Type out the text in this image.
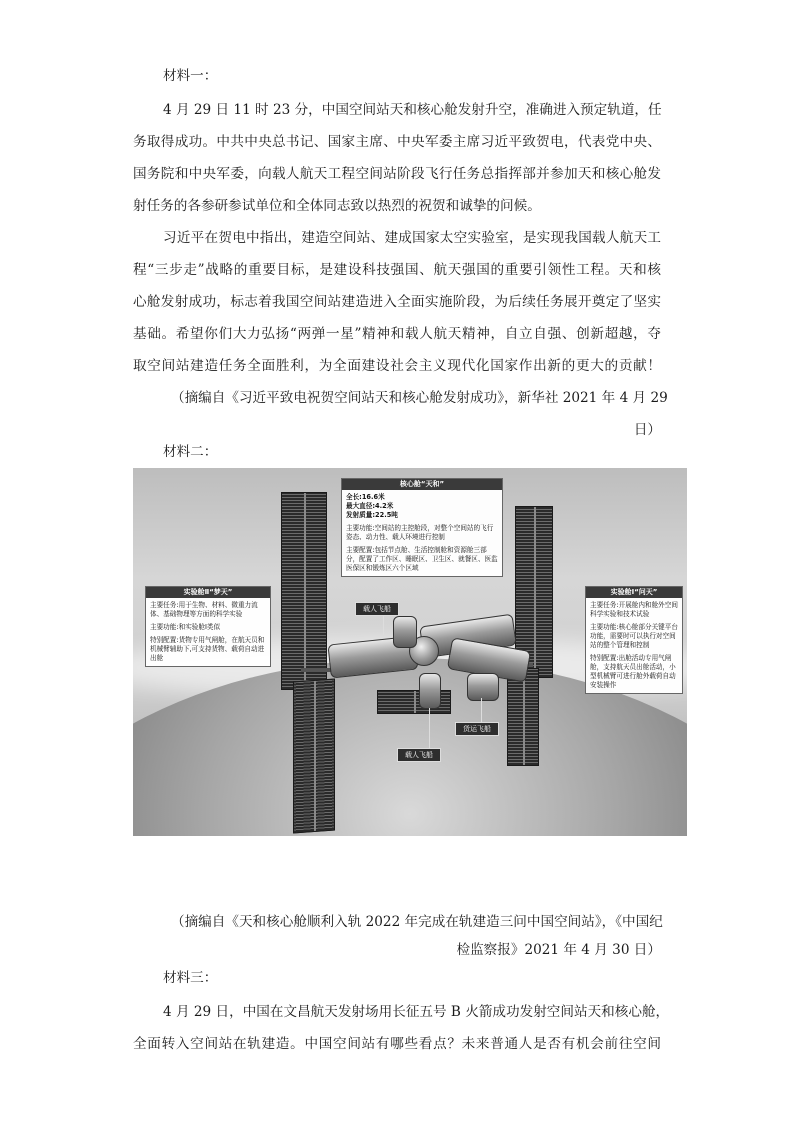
材料一：
4 月 29 日 11 时 23 分，中国空间站天和核心舱发射升空，准确进入预定轨道，任
务取得成功。中共中央总书记、国家主席、中央军委主席习近平致贺电，代表党中央、
国务院和中央军委，向载人航天工程空间站阶段飞行任务总指挥部并参加天和核心舱发
射任务的各参研参试单位和全体同志致以热烈的祝贺和诚挚的问候。
习近平在贺电中指出，建造空间站、建成国家太空实验室，是实现我国载人航天工
程“三步走”战略的重要目标，是建设科技强国、航天强国的重要引领性工程。天和核
心舱发射成功，标志着我国空间站建造进入全面实施阶段，为后续任务展开奠定了坚实
基础。希望你们大力弘扬“两弹一星”精神和载人航天精神，自立自强、创新超越，夺
取空间站建造任务全面胜利，为全面建设社会主义现代化国家作出新的更大的贡献！
（摘编自《习近平致电祝贺空间站天和核心舱发射成功》，新华社 2021 年 4 月 29
日）
材料二：
核心舱“天和”

全长:16.6米

最大直径:4.2米

发射质量:22.5吨

主要功能:空间站的主控舱段，对整个空间站的飞行姿态、动力性、载人环境进行控制

主要配置:包括节点舱、生活控制舱和资源舱三部分，配置了工作区、睡眠区、卫生区、就餐区、医监医保区和锻炼区六个区域

实验舱Ⅱ“梦天”

主要任务:用于生物、材料、微重力流体、基础物理等方面的科学实验

主要功能:和实验舱Ⅰ类似

特别配置:货物专用气闸舱，在航天员和机械臂辅助下,可支持货物、载荷自动进出舱

实验舱Ⅰ“问天”

主要任务:开展舱内和舱外空间科学实验和技术试验

主要功能:核心舱部分关键平台功能，需要时可以执行对空间站的整个管理和控制

特别配置:出舱活动专用气闸舱，支持航天员出舱活动，小型机械臂可进行舱外载荷自动安装操作

载人飞船
货运飞船
载人飞船
（摘编自《天和核心舱顺利入轨 2022 年完成在轨建造三问中国空间站》，《中国纪
检监察报》2021 年 4 月 30 日）
材料三：
4 月 29 日，中国在文昌航天发射场用长征五号 B 火箭成功发射空间站天和核心舱，
全面转入空间站在轨建造。中国空间站有哪些看点？未来普通人是否有机会前往空间
